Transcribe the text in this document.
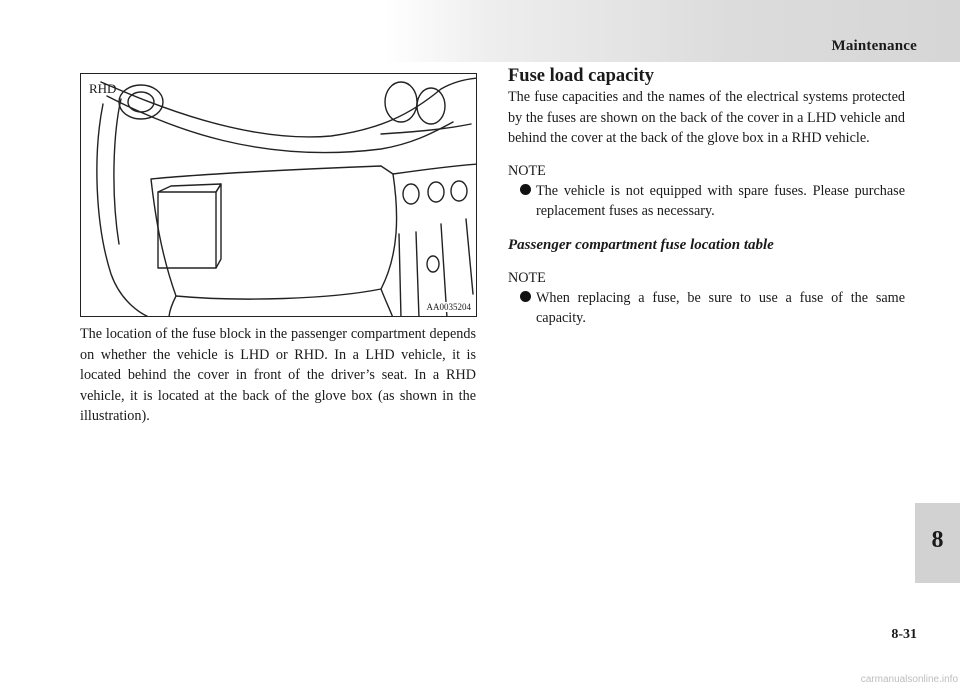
Maintenance
8
RHD
AA0035204

The location of the fuse block in the passenger compartment depends on whether the vehicle is LHD or RHD. In a LHD vehicle, it is located behind the cover in front of the driver’s seat. In a RHD vehicle, it is located at the back of the glove box (as shown in the illustration).

Fuse load capacity

The fuse capacities and the names of the electrical systems protected by the fuses are shown on the back of the cover in a LHD vehicle and behind the cover at the back of the glove box in a RHD vehicle.

NOTE

The vehicle is not equipped with spare fuses. Please purchase replacement fuses as necessary.
Passenger compartment fuse location table

NOTE

When replacing a fuse, be sure to use a fuse of the same capacity.
8-31
carmanualsonline.info
